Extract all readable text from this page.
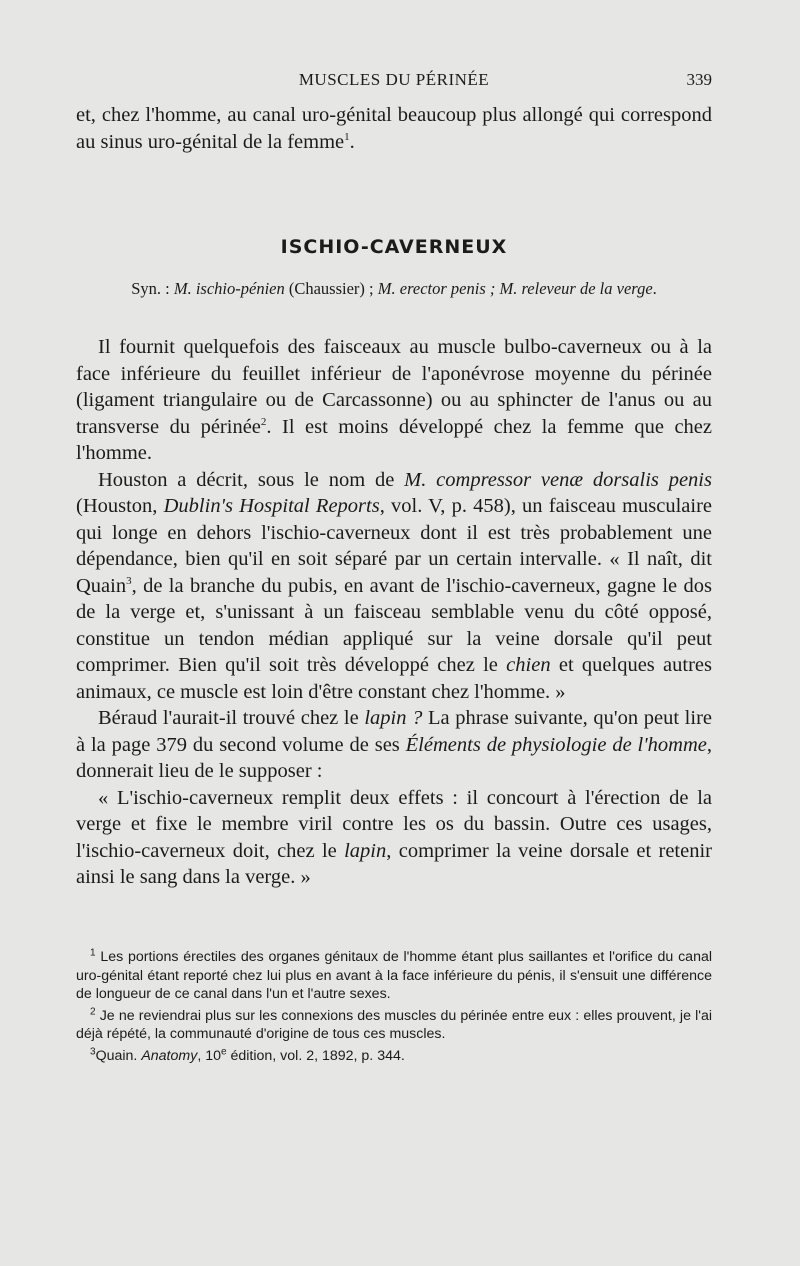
MUSCLES DU PÉRINÉE	339

et, chez l'homme, au canal uro-génital beaucoup plus allongé qui correspond au sinus uro-génital de la femme$^1$.

ISCHIO-CAVERNEUX
Syn. : M. ischio-pénien (Chaussier) ; M. erector penis ; M. releveur de la verge.

Il fournit quelquefois des faisceaux au muscle bulbo-caverneux ou à la face inférieure du feuillet inférieur de l'aponévrose moyenne du périnée (ligament triangulaire ou de Carcassonne) ou au sphincter de l'anus ou au transverse du périnée$^2$. Il est moins développé chez la femme que chez l'homme.

Houston a décrit, sous le nom de M. compressor venæ dorsalis penis (Houston, Dublin's Hospital Reports, vol. V, p. 458), un faisceau musculaire qui longe en dehors l'ischio-caverneux dont il est très probablement une dépendance, bien qu'il en soit séparé par un certain intervalle. « Il naît, dit Quain$^3$, de la branche du pubis, en avant de l'ischio-caverneux, gagne le dos de la verge et, s'unissant à un faisceau semblable venu du côté opposé, constitue un tendon médian appliqué sur la veine dorsale qu'il peut comprimer. Bien qu'il soit très développé chez le chien et quelques autres animaux, ce muscle est loin d'être constant chez l'homme. »

Béraud l'aurait-il trouvé chez le lapin ? La phrase suivante, qu'on peut lire à la page 379 du second volume de ses Éléments de physiologie de l'homme, donnerait lieu de le supposer :

« L'ischio-caverneux remplit deux effets : il concourt à l'érection de la verge et fixe le membre viril contre les os du bassin. Outre ces usages, l'ischio-caverneux doit, chez le lapin, comprimer la veine dorsale et retenir ainsi le sang dans la verge. »

$^1$ Les portions érectiles des organes génitaux de l'homme étant plus saillantes et l'orifice du canal uro-génital étant reporté chez lui plus en avant à la face inférieure du pénis, il s'ensuit une différence de longueur de ce canal dans l'un et l'autre sexes.

$^2$ Je ne reviendrai plus sur les connexions des muscles du périnée entre eux : elles prouvent, je l'ai déjà répété, la communauté d'origine de tous ces muscles.

$^3$Quain. Anatomy, 10e édition, vol. 2, 1892, p. 344.
